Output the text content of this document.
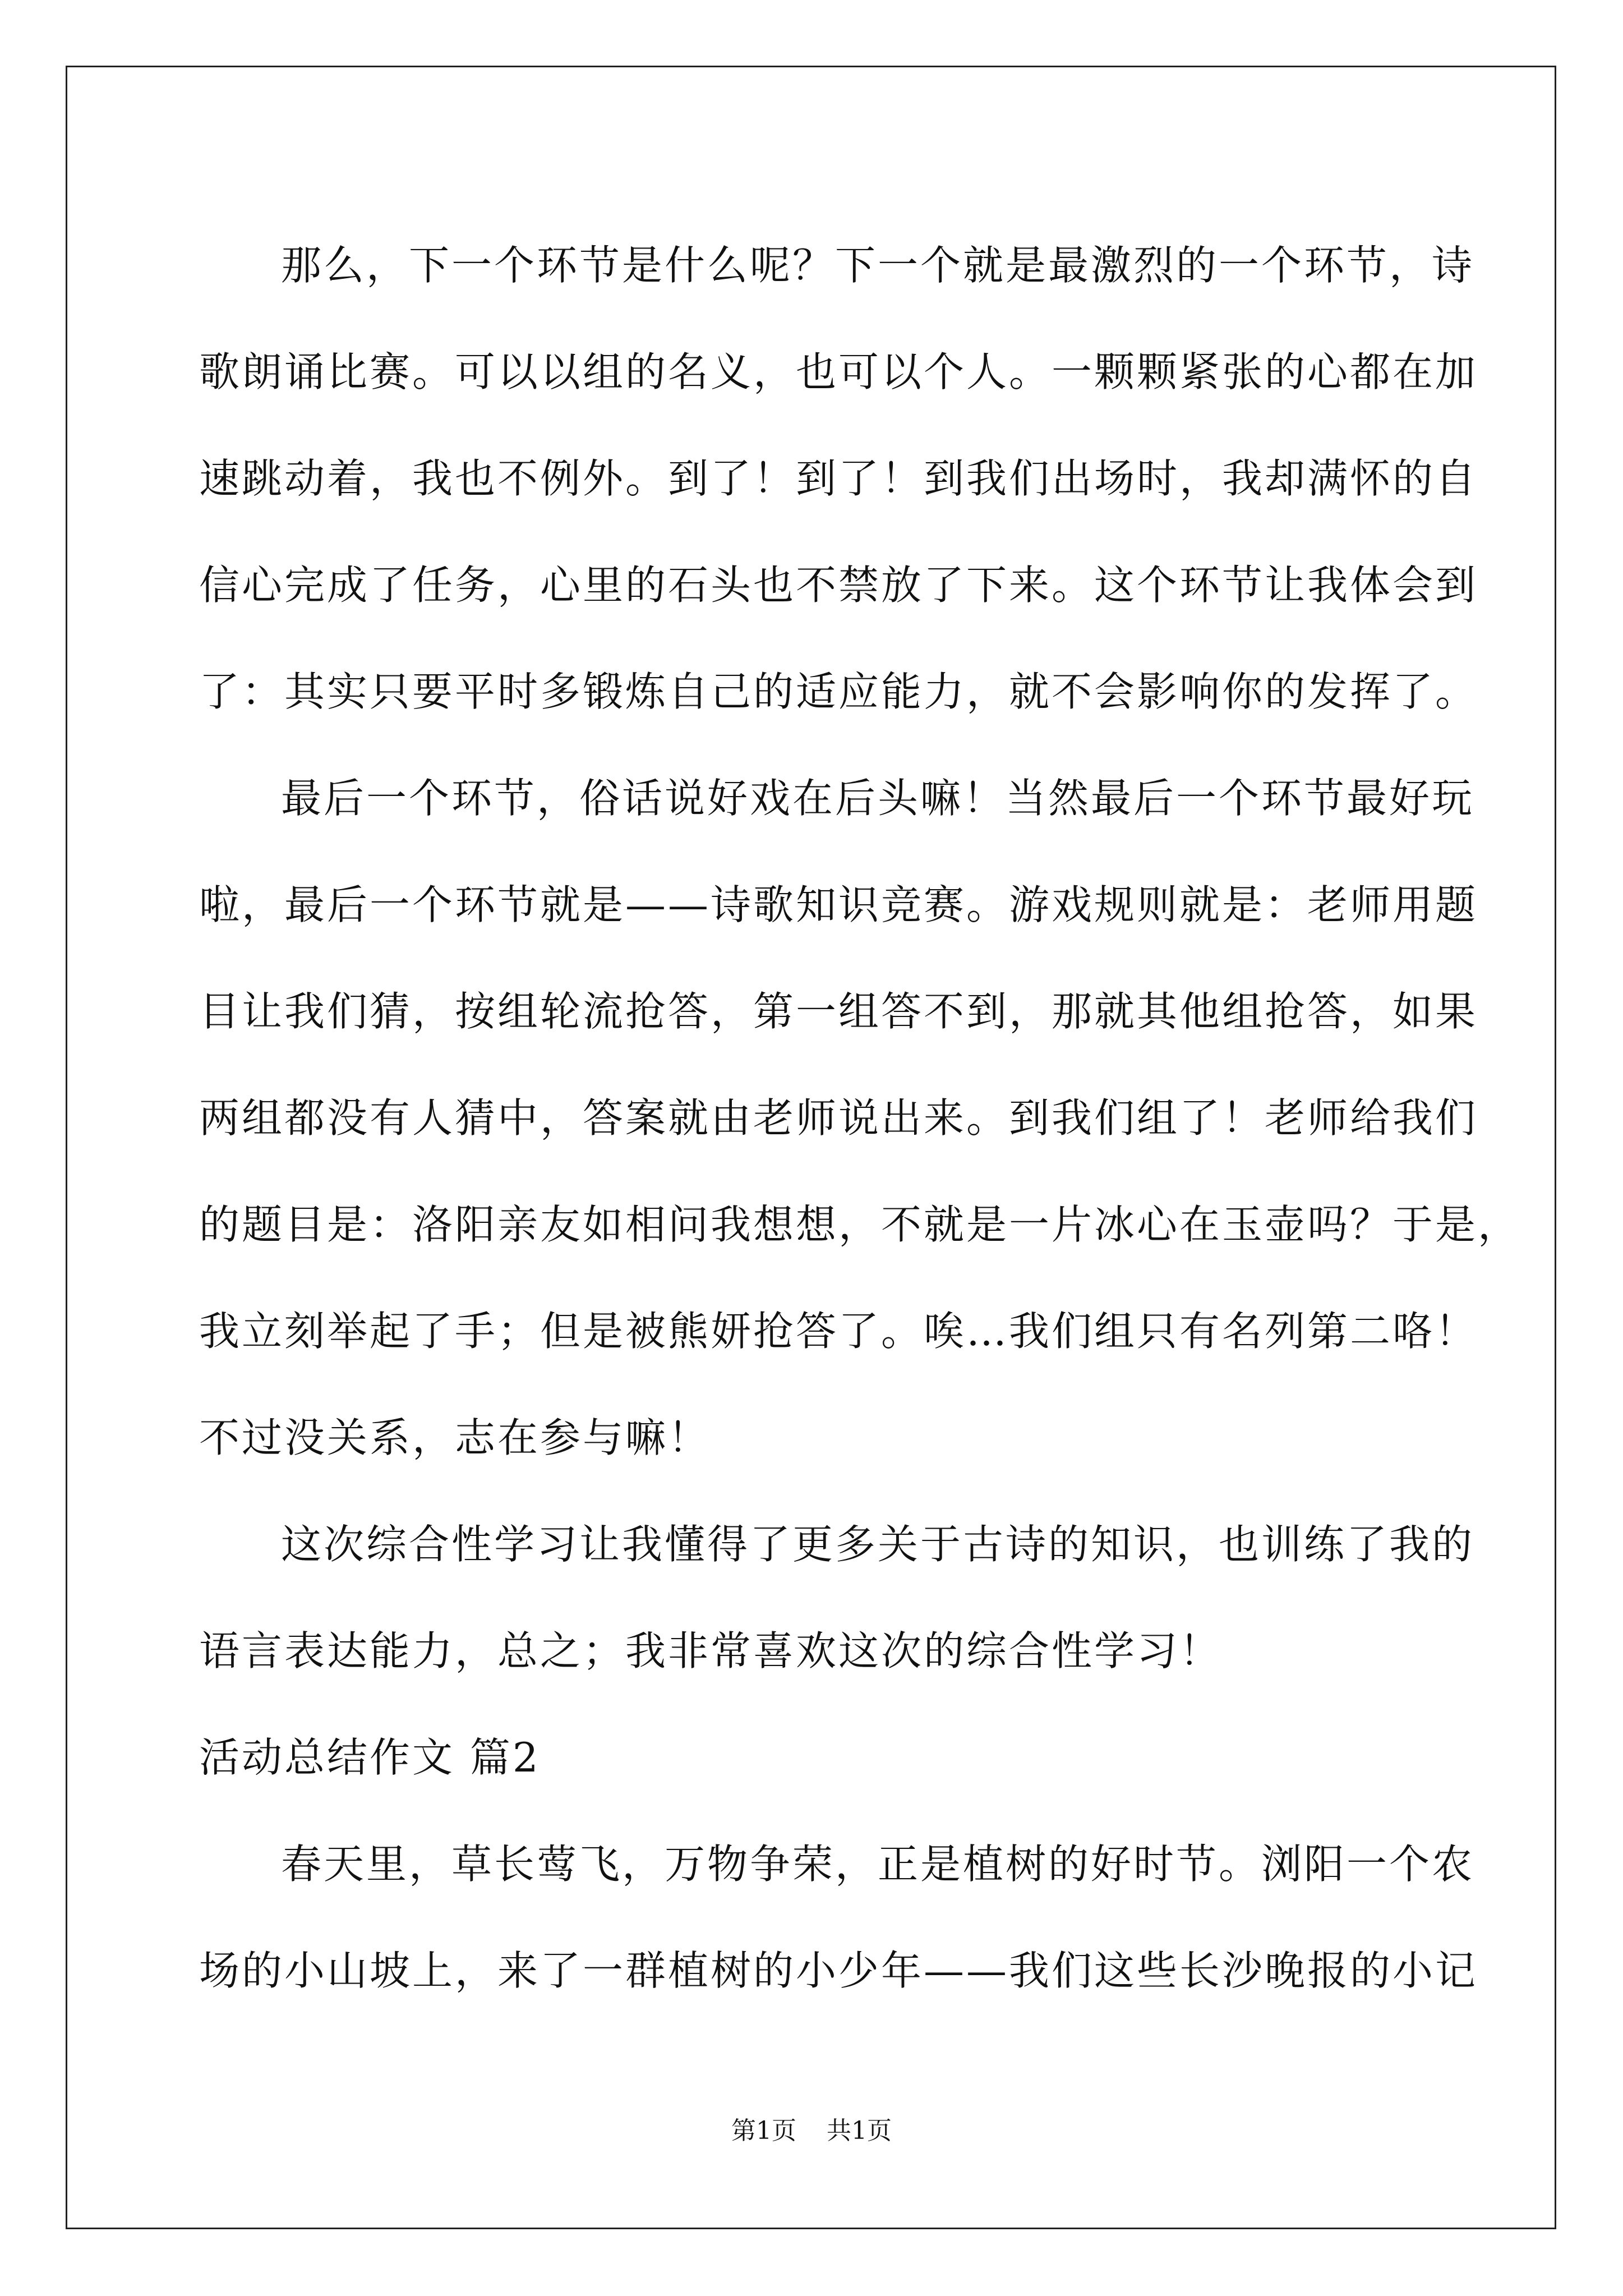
那么，下一个环节是什么呢？下一个就是最激烈的一个环节，诗
歌朗诵比赛。可以以组的名义，也可以个人。一颗颗紧张的心都在加
速跳动着，我也不例外。到了！到了！到我们出场时，我却满怀的自
信心完成了任务，心里的石头也不禁放了下来。这个环节让我体会到
了：其实只要平时多锻炼自己的适应能力，就不会影响你的发挥了。

最后一个环节，俗话说好戏在后头嘛！当然最后一个环节最好玩
啦，最后一个环节就是——诗歌知识竞赛。游戏规则就是：老师用题
目让我们猜，按组轮流抢答，第一组答不到，那就其他组抢答，如果
两组都没有人猜中，答案就由老师说出来。到我们组了！老师给我们
的题目是：洛阳亲友如相问我想想，不就是一片冰心在玉壶吗？于是，
我立刻举起了手；但是被熊妍抢答了。唉…我们组只有名列第二咯！
不过没关系，志在参与嘛！

这次综合性学习让我懂得了更多关于古诗的知识，也训练了我的
语言表达能力，总之；我非常喜欢这次的综合性学习！

活动总结作文 篇2

春天里，草长莺飞，万物争荣，正是植树的好时节。浏阳一个农
场的小山坡上，来了一群植树的小少年——我们这些长沙晚报的小记

第1页 共1页
